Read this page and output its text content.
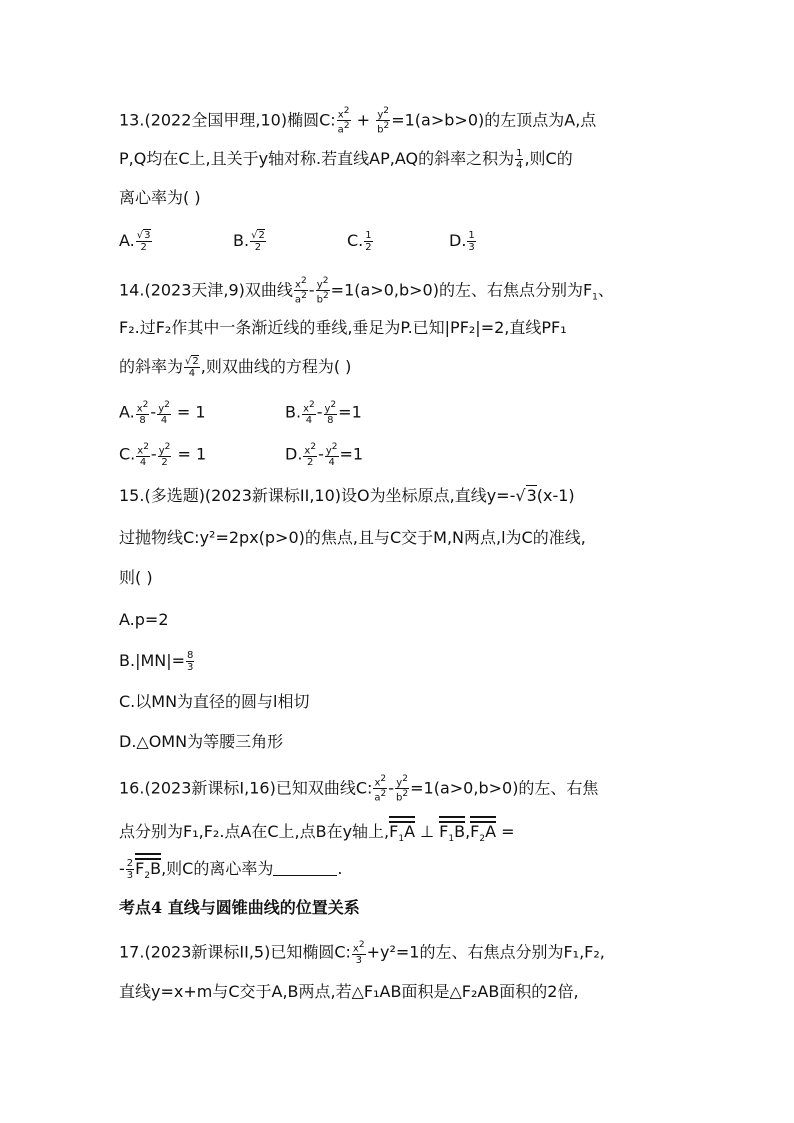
13.(2022全国甲理,10)椭圆C: $\frac{x^2}{a^2} + \frac{y^2}{b^2} =1(a>b>0)$的左顶点为A,点
P,Q均在C上,且关于y轴对称.若直线AP,AQ的斜率之积为 $\frac{1}{4}$ ,则C的
离心率为( )
A. $\frac{√3}{2}$	B. $\frac{√2}{2}$	C. $\frac{1}{2}$	D. $\frac{1}{3}$
14.(2023天津,9)双曲线 $\frac{x^2}{a^2} - \frac{y^2}{b^2} =1(a>0,b>0)$的左、右焦点分别为$F_1$、
F₂.过F₂作其中一条渐近线的垂线,垂足为P.已知|PF₂|=2,直线PF₁
的斜率为 $\frac{√2}{4}$ ,则双曲线的方程为( )
A. $\frac{x^2}{8} - \frac{y^2}{4} = 1$	B. $\frac{x^2}{4} - \frac{y^2}{8} =1$
C. $\frac{x^2}{4} - \frac{y^2}{2} = 1$	D. $\frac{x^2}{2} - \frac{y^2}{4} =1$
15.(多选题)(2023新课标II,10)设O为坐标原点,直线y=-√3(x-1)
过抛物线C:y²=2px(p>0)的焦点,且与C交于M,N两点,l为C的准线,
则( )
A.p=2
$B.|MN|= \frac{8}{3}$
C.以MN为直径的圆与l相切
D.△OMN为等腰三角形
16.(2023新课标Ⅰ,16)已知双曲线C: $\frac{x^2}{a^2} - \frac{y^2}{b^2} =1(a>0,b>0)$的左、右焦
点分别为F₁,F₂.点A在C上,点B在y轴上$,F_1A$ ⊥ $F_1B,F_2A$ =
- $\frac{2}{3} F_2B$,则C的离心率为	.
考点4 直线与圆锥曲线的位置关系
17.(2023新课标II,5)已知椭圆C: $\frac{x^2}{3} +y^2=1$的左、右焦点分别为F₁,F₂,
直线y=x+m与C交于A,B两点,若△F₁AB面积是△F₂AB面积的2倍,
